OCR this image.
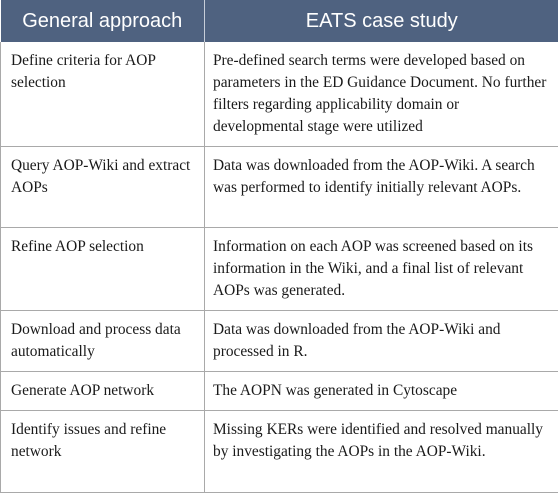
General approach	EATS case study
Define criteria for AOP selection	Pre-defined search terms were developed based on parameters in the ED Guidance Document. No further filters regarding applicability domain or developmental stage were utilized
Query AOP-Wiki and extract AOPs	Data was downloaded from the AOP-Wiki. A search was performed to identify initially relevant AOPs.
Refine AOP selection	Information on each AOP was screened based on its information in the Wiki, and a final list of relevant AOPs was generated.
Download and process data automatically	Data was downloaded from the AOP-Wiki and processed in R.
Generate AOP network	The AOPN was generated in Cytoscape
Identify issues and refine network	Missing KERs were identified and resolved manually by investigating the AOPs in the AOP-Wiki.
